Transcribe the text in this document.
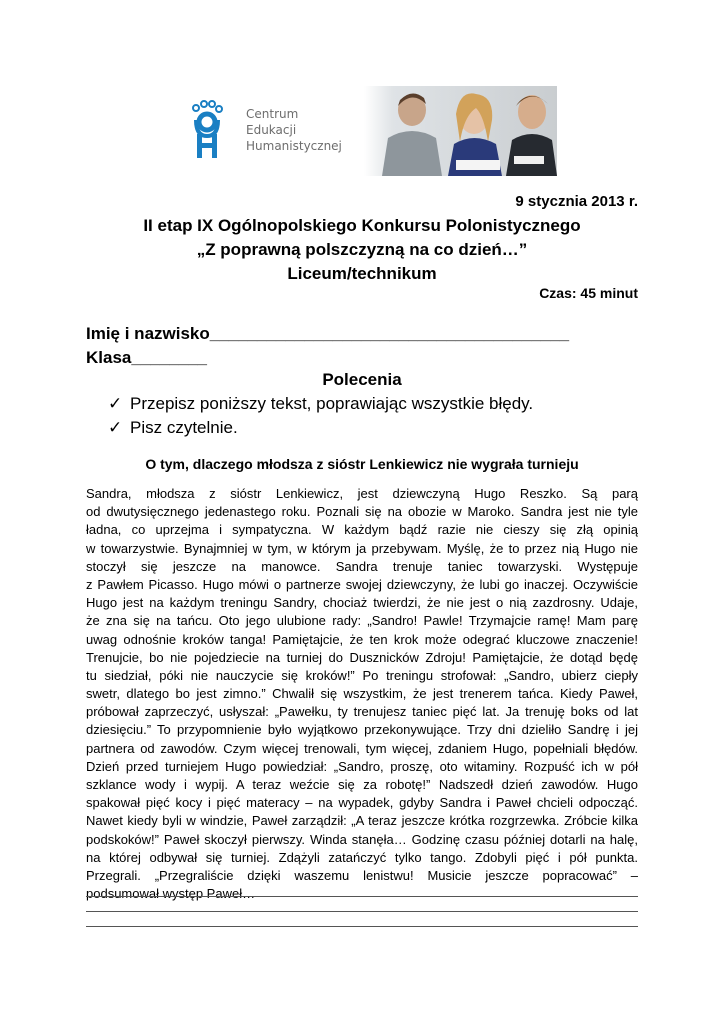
Centrum
Edukacji
Humanistycznej
9 stycznia 2013 r.
II etap IX Ogólnopolskiego Konkursu Polonistycznego
„Z poprawną polszczyzną na co dzień…”
Liceum/technikum
Czas: 45 minut
Imię i nazwisko______________________________________
Klasa________
Polecenia
✓ Przepisz poniższy tekst, poprawiając wszystkie błędy.
✓ Pisz czytelnie.
O tym, dlaczego młodsza z sióstr Lenkiewicz nie wygrała turnieju
Sandra, młodsza z sióstr Lenkiewicz, jest dziewczyną Hugo Reszko. Są parą
od dwutysięcznego jedenastego roku. Poznali się na obozie w Maroko. Sandra jest nie tyle
ładna, co uprzejma i sympatyczna. W każdym bądź razie nie cieszy się złą opinią
w towarzystwie. Bynajmniej w tym, w którym ja przebywam. Myślę, że to przez nią Hugo nie
stoczył się jeszcze na manowce. Sandra trenuje taniec towarzyski. Występuje
z Pawłem Picasso. Hugo mówi o partnerze swojej dziewczyny, że lubi go inaczej. Oczywiście
Hugo jest na każdym treningu Sandry, chociaż twierdzi, że nie jest o nią zazdrosny. Udaje,
że zna się na tańcu. Oto jego ulubione rady: „Sandro! Pawle! Trzymajcie ramę! Mam parę
uwag odnośnie kroków tanga! Pamiętajcie, że ten krok może odegrać kluczowe znaczenie!
Trenujcie, bo nie pojedziecie na turniej do Dusznicków Zdroju! Pamiętajcie, że dotąd będę
tu siedział, póki nie nauczycie się kroków!” Po treningu strofował: „Sandro, ubierz ciepły
swetr, dlatego bo jest zimno.” Chwalił się wszystkim, że jest trenerem tańca. Kiedy Paweł,
próbował zaprzeczyć, usłyszał: „Pawełku, ty trenujesz taniec pięć lat. Ja trenuję boks od lat
dziesięciu.” To przypomnienie było wyjątkowo przekonywujące. Trzy dni dzieliło Sandrę i jej
partnera od zawodów. Czym więcej trenowali, tym więcej, zdaniem Hugo, popełniali błędów.
Dzień przed turniejem Hugo powiedział: „Sandro, proszę, oto witaminy. Rozpuść ich w pół
szklance wody i wypij. A teraz weźcie się za robotę!” Nadszedł dzień zawodów. Hugo
spakował pięć kocy i pięć materacy – na wypadek, gdyby Sandra i Paweł chcieli odpocząć.
Nawet kiedy byli w windzie, Paweł zarządził: „A teraz jeszcze krótka rozgrzewka. Zróbcie kilka
podskoków!” Paweł skoczył pierwszy. Winda stanęła… Godzinę czasu później dotarli na halę,
na której odbywał się turniej. Zdążyli zatańczyć tylko tango. Zdobyli pięć i pół punkta.
Przegrali. „Przegraliście dzięki waszemu lenistwu! Musicie jeszcze popracować” –
podsumował występ Paweł…
